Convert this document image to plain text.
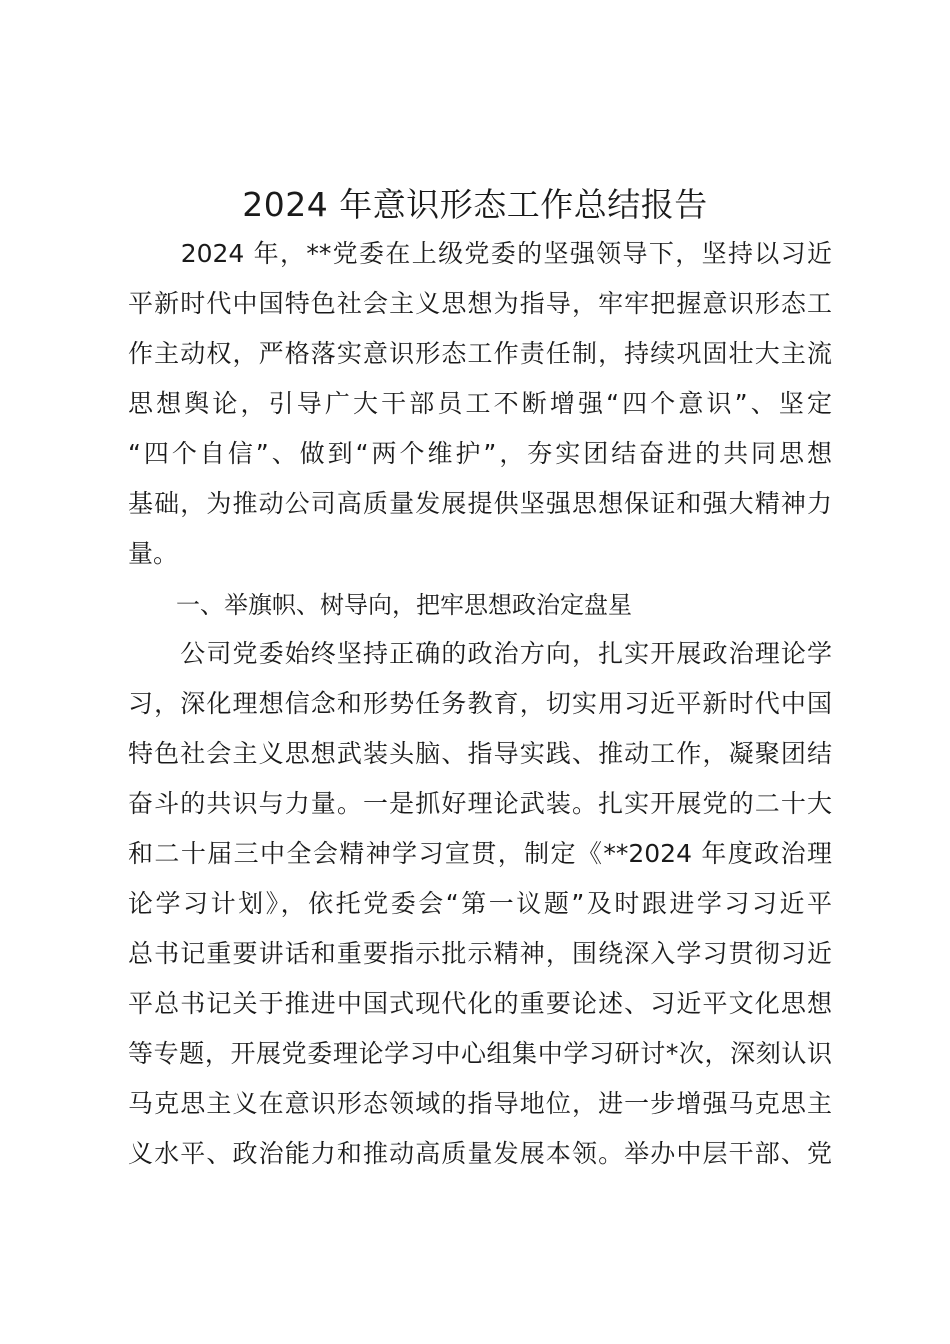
2024 年意识形态工作总结报告
　　2024 年，**党委在上级党委的坚强领导下，坚持以习近
平新时代中国特色社会主义思想为指导，牢牢把握意识形态工
作主动权，严格落实意识形态工作责任制，持续巩固壮大主流
思想舆论，引导广大干部员工不断增强“四个意识”、坚定
“四个自信”、做到“两个维护”，夯实团结奋进的共同思想
基础，为推动公司高质量发展提供坚强思想保证和强大精神力
量。
　　一、举旗帜、树导向，把牢思想政治定盘星
　　公司党委始终坚持正确的政治方向，扎实开展政治理论学
习，深化理想信念和形势任务教育，切实用习近平新时代中国
特色社会主义思想武装头脑、指导实践、推动工作，凝聚团结
奋斗的共识与力量。一是抓好理论武装。扎实开展党的二十大
和二十届三中全会精神学习宣贯，制定《**2024 年度政治理
论学习计划》，依托党委会“第一议题”及时跟进学习习近平
总书记重要讲话和重要指示批示精神，围绕深入学习贯彻习近
平总书记关于推进中国式现代化的重要论述、习近平文化思想
等专题，开展党委理论学习中心组集中学习研讨*次，深刻认识
马克思主义在意识形态领域的指导地位，进一步增强马克思主
义水平、政治能力和推动高质量发展本领。举办中层干部、党
